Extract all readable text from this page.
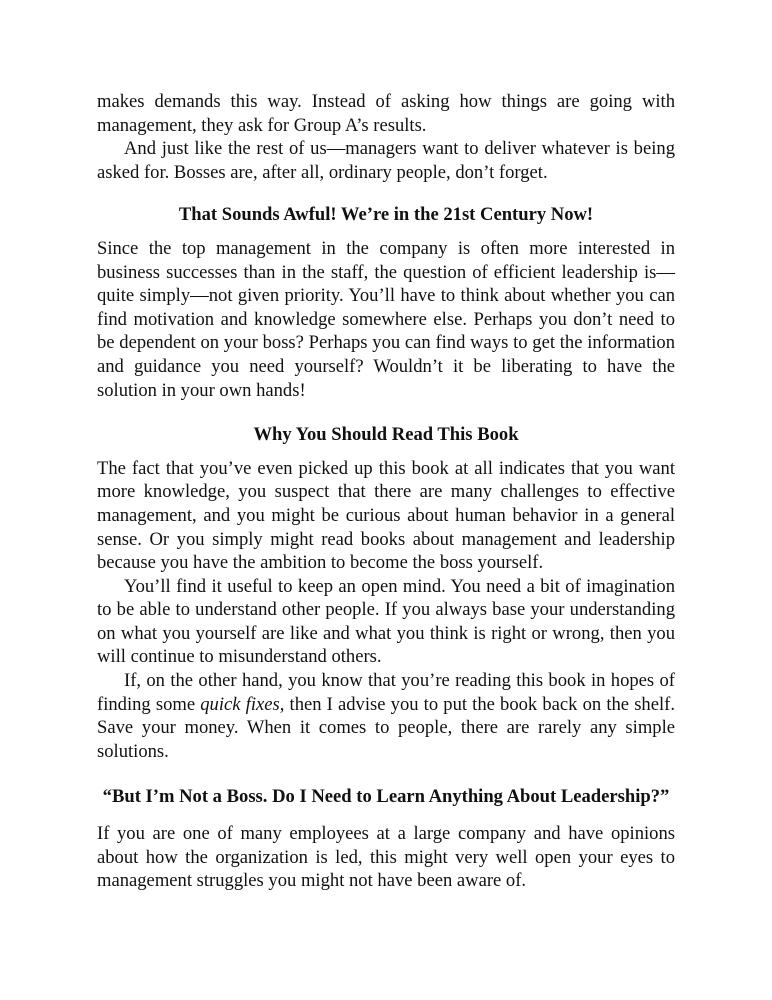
makes demands this way. Instead of asking how things are going with management, they ask for Group A’s results.

And just like the rest of us—managers want to deliver whatever is being asked for. Bosses are, after all, ordinary people, don’t forget.

That Sounds Awful! We’re in the 21st Century Now!

Since the top management in the company is often more interested in business successes than in the staff, the question of efficient leadership is—quite simply—not given priority. You’ll have to think about whether you can find motivation and knowledge somewhere else. Perhaps you don’t need to be dependent on your boss? Perhaps you can find ways to get the information and guidance you need yourself? Wouldn’t it be liberating to have the solution in your own hands!

Why You Should Read This Book

The fact that you’ve even picked up this book at all indicates that you want more knowledge, you suspect that there are many challenges to effective management, and you might be curious about human behavior in a general sense. Or you simply might read books about management and leadership because you have the ambition to become the boss yourself.

You’ll find it useful to keep an open mind. You need a bit of imagination to be able to understand other people. If you always base your understanding on what you yourself are like and what you think is right or wrong, then you will continue to misunderstand others.

If, on the other hand, you know that you’re reading this book in hopes of finding some quick fixes, then I advise you to put the book back on the shelf. Save your money. When it comes to people, there are rarely any simple solutions.

“But I’m Not a Boss. Do I Need to Learn Anything About Leadership?”

If you are one of many employees at a large company and have opinions about how the organization is led, this might very well open your eyes to management struggles you might not have been aware of.
